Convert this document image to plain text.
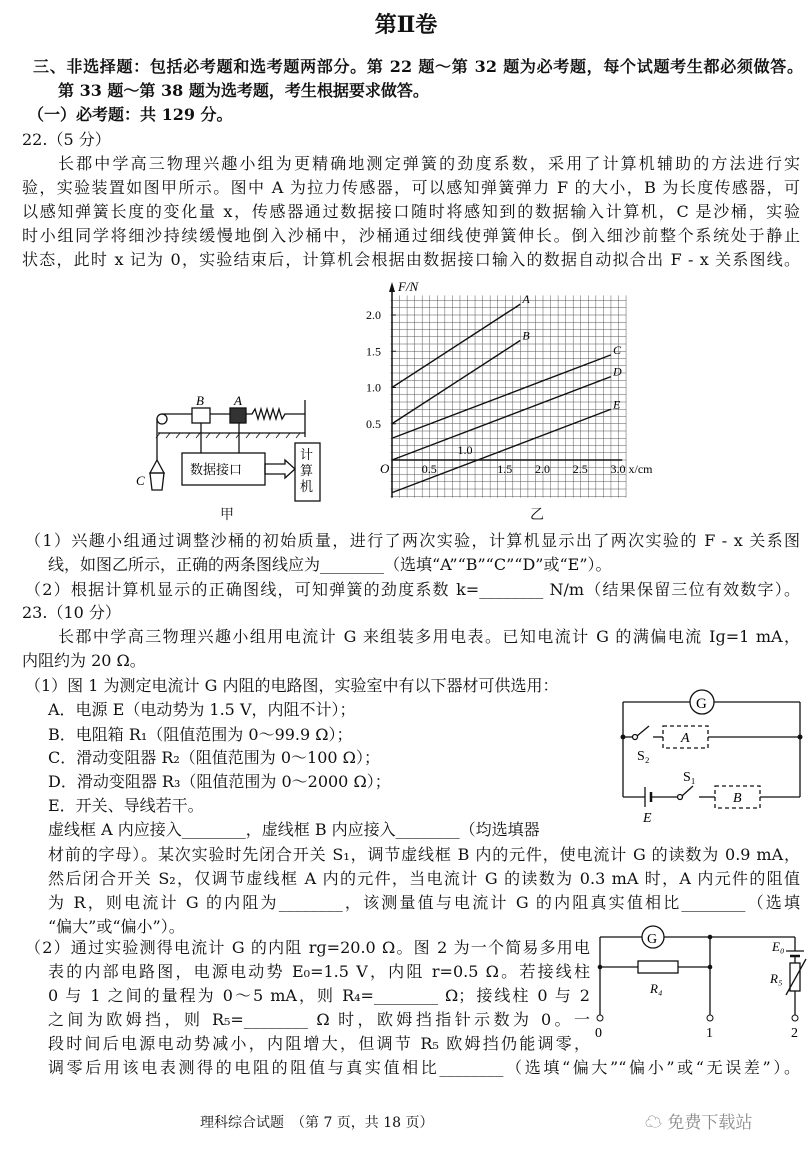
第Ⅱ卷
三、非选择题：包括必考题和选考题两部分。第 22 题～第 32 题为必考题，每个试题考生都必须做答。
第 33 题～第 38 题为选考题，考生根据要求做答。
（一）必考题：共 129 分。
22.（5 分）
长郡中学高三物理兴趣小组为更精确地测定弹簧的劲度系数，采用了计算机辅助的方法进行实
验，实验装置如图甲所示。图中 A 为拉力传感器，可以感知弹簧弹力 F 的大小，B 为长度传感器，可
以感知弹簧长度的变化量 x，传感器通过数据接口随时将感知到的数据输入计算机，C 是沙桶，实验
时小组同学将细沙持续缓慢地倒入沙桶中，沙桶通过细线使弹簧伸长。倒入细沙前整个系统处于静止
状态，此时 x 记为 0，实验结束后，计算机会根据由数据接口输入的数据自动拟合出 F - x 关系图线。
B A
C
数据接口
计
算
机
甲
0.5
1.0
1.5 2.0 2.5 3.0
0.5
1.0
1.5
2.0
A
B
C
D
E
F/N
x/cm
O
乙
（1）兴趣小组通过调整沙桶的初始质量，进行了两次实验，计算机显示出了两次实验的 F - x 关系图
线，如图乙所示，正确的两条图线应为________（选填“A”“B”“C”“D”或“E”）。
（2）根据计算机显示的正确图线，可知弹簧的劲度系数 k=________ N/m（结果保留三位有效数字）。
23.（10 分）
长郡中学高三物理兴趣小组用电流计 G 来组装多用电表。已知电流计 G 的满偏电流 Iɡ=1 mA，
内阻约为 20 Ω。
（1）图 1 为测定电流计 G 内阻的电路图，实验室中有以下器材可供选用：
A．电源 E（电动势为 1.5 V，内阻不计）；
B．电阻箱 R₁（阻值范围为 0～99.9 Ω）；
C．滑动变阻器 R₂（阻值范围为 0～100 Ω）；
D．滑动变阻器 R₃（阻值范围为 0～2000 Ω）；
E．开关、导线若干。
虚线框 A 内应接入________，虚线框 B 内应接入________（均选填器
材前的字母）。某次实验时先闭合开关 S₁，调节虚线框 B 内的元件，使电流计 G 的读数为 0.9 mA，
然后闭合开关 S₂，仅调节虚线框 A 内的元件，当电流计 G 的读数为 0.3 mA 时，A 内元件的阻值
为 R，则电流计 G 的内阻为________，该测量值与电流计 G 的内阻真实值相比________（选填
“偏大”或“偏小”）。
G
A
B
S₂
S₁
E
（2）通过实验测得电流计 G 的内阻 rɡ=20.0 Ω。图 2 为一个简易多用电
表的内部电路图，电源电动势 E₀=1.5 V，内阻 r=0.5 Ω。若接线柱
0 与 1 之间的量程为 0～5 mA，则 R₄=________ Ω；接线柱 0 与 2
之间为欧姆挡，则 R₅=________ Ω 时，欧姆挡指针示数为 0。一
段时间后电源电动势减小，内阻增大，但调节 R₅ 欧姆挡仍能调零，
调零后用该电表测得的电阻的阻值与真实值相比________（选填“偏大”“偏小”或“无误差”）。
G	E₀
R₅
R₄
0	1	2
理科综合试题　（第 7 页，共 18 页）	☁ 免费下载站
